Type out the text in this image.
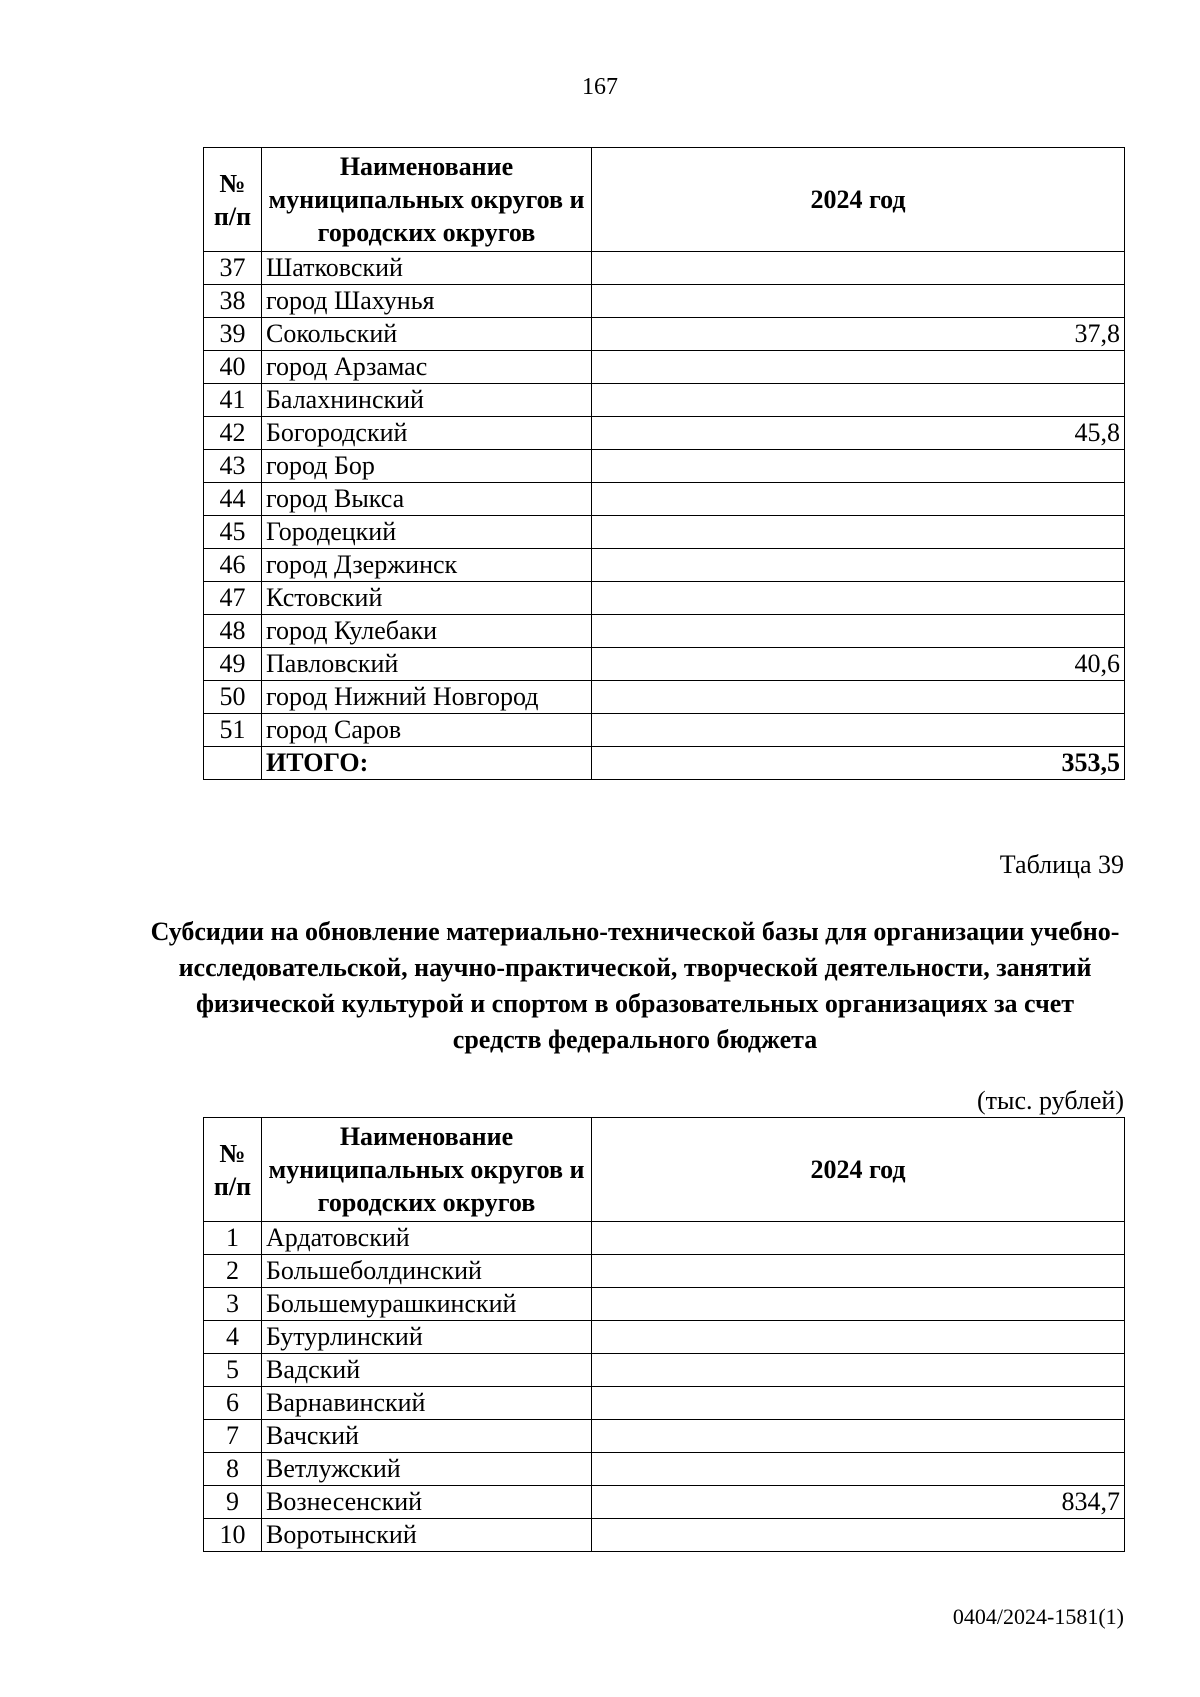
167
№ п/п	Наименование муниципальных округов и городских округов	2024 год
37	Шатковский	
38	город Шахунья	
39	Сокольский	37,8
40	город Арзамас	
41	Балахнинский	
42	Богородский	45,8
43	город Бор	
44	город Выкса	
45	Городецкий	
46	город Дзержинск	
47	Кстовский	
48	город Кулебаки	
49	Павловский	40,6
50	город Нижний Новгород	
51	город Саров	
	ИТОГО:	353,5
Таблица 39
Субсидии на обновление материально-технической базы для организации учебно-исследовательской, научно-практической, творческой деятельности, занятий физической культурой и спортом в образовательных организациях за счет средств федерального бюджета
(тыс. рублей)
№ п/п	Наименование муниципальных округов и городских округов	2024 год
1	Ардатовский	
2	Большеболдинский	
3	Большемурашкинский	
4	Бутурлинский	
5	Вадский	
6	Варнавинский	
7	Вачский	
8	Ветлужский	
9	Вознесенский	834,7
10	Воротынский	
0404/2024-1581(1)
